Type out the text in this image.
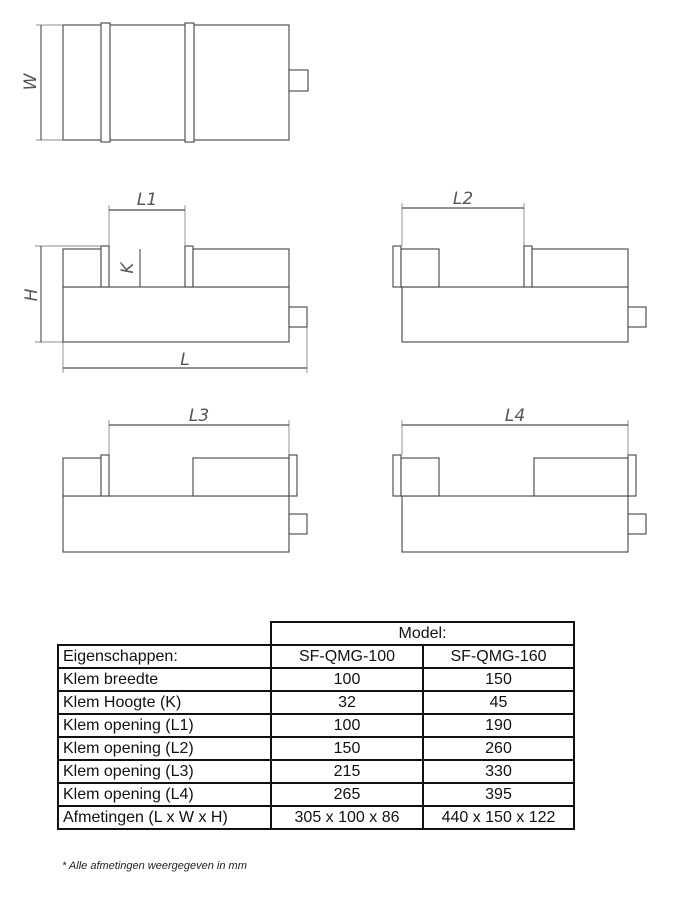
W
L1
H
K
L
L2
L3	L4
	Model:	
Eigenschappen:	SF-QMG-100	SF-QMG-160
Klem breedte	100	150
Klem Hoogte (K)	32	45
Klem opening (L1)	100	190
Klem opening (L2)	150	260
Klem opening (L3)	215	330
Klem opening (L4)	265	395
Afmetingen (L x W x H)	305 x 100 x 86	440 x 150 x 122
* Alle afmetingen weergegeven in mm
